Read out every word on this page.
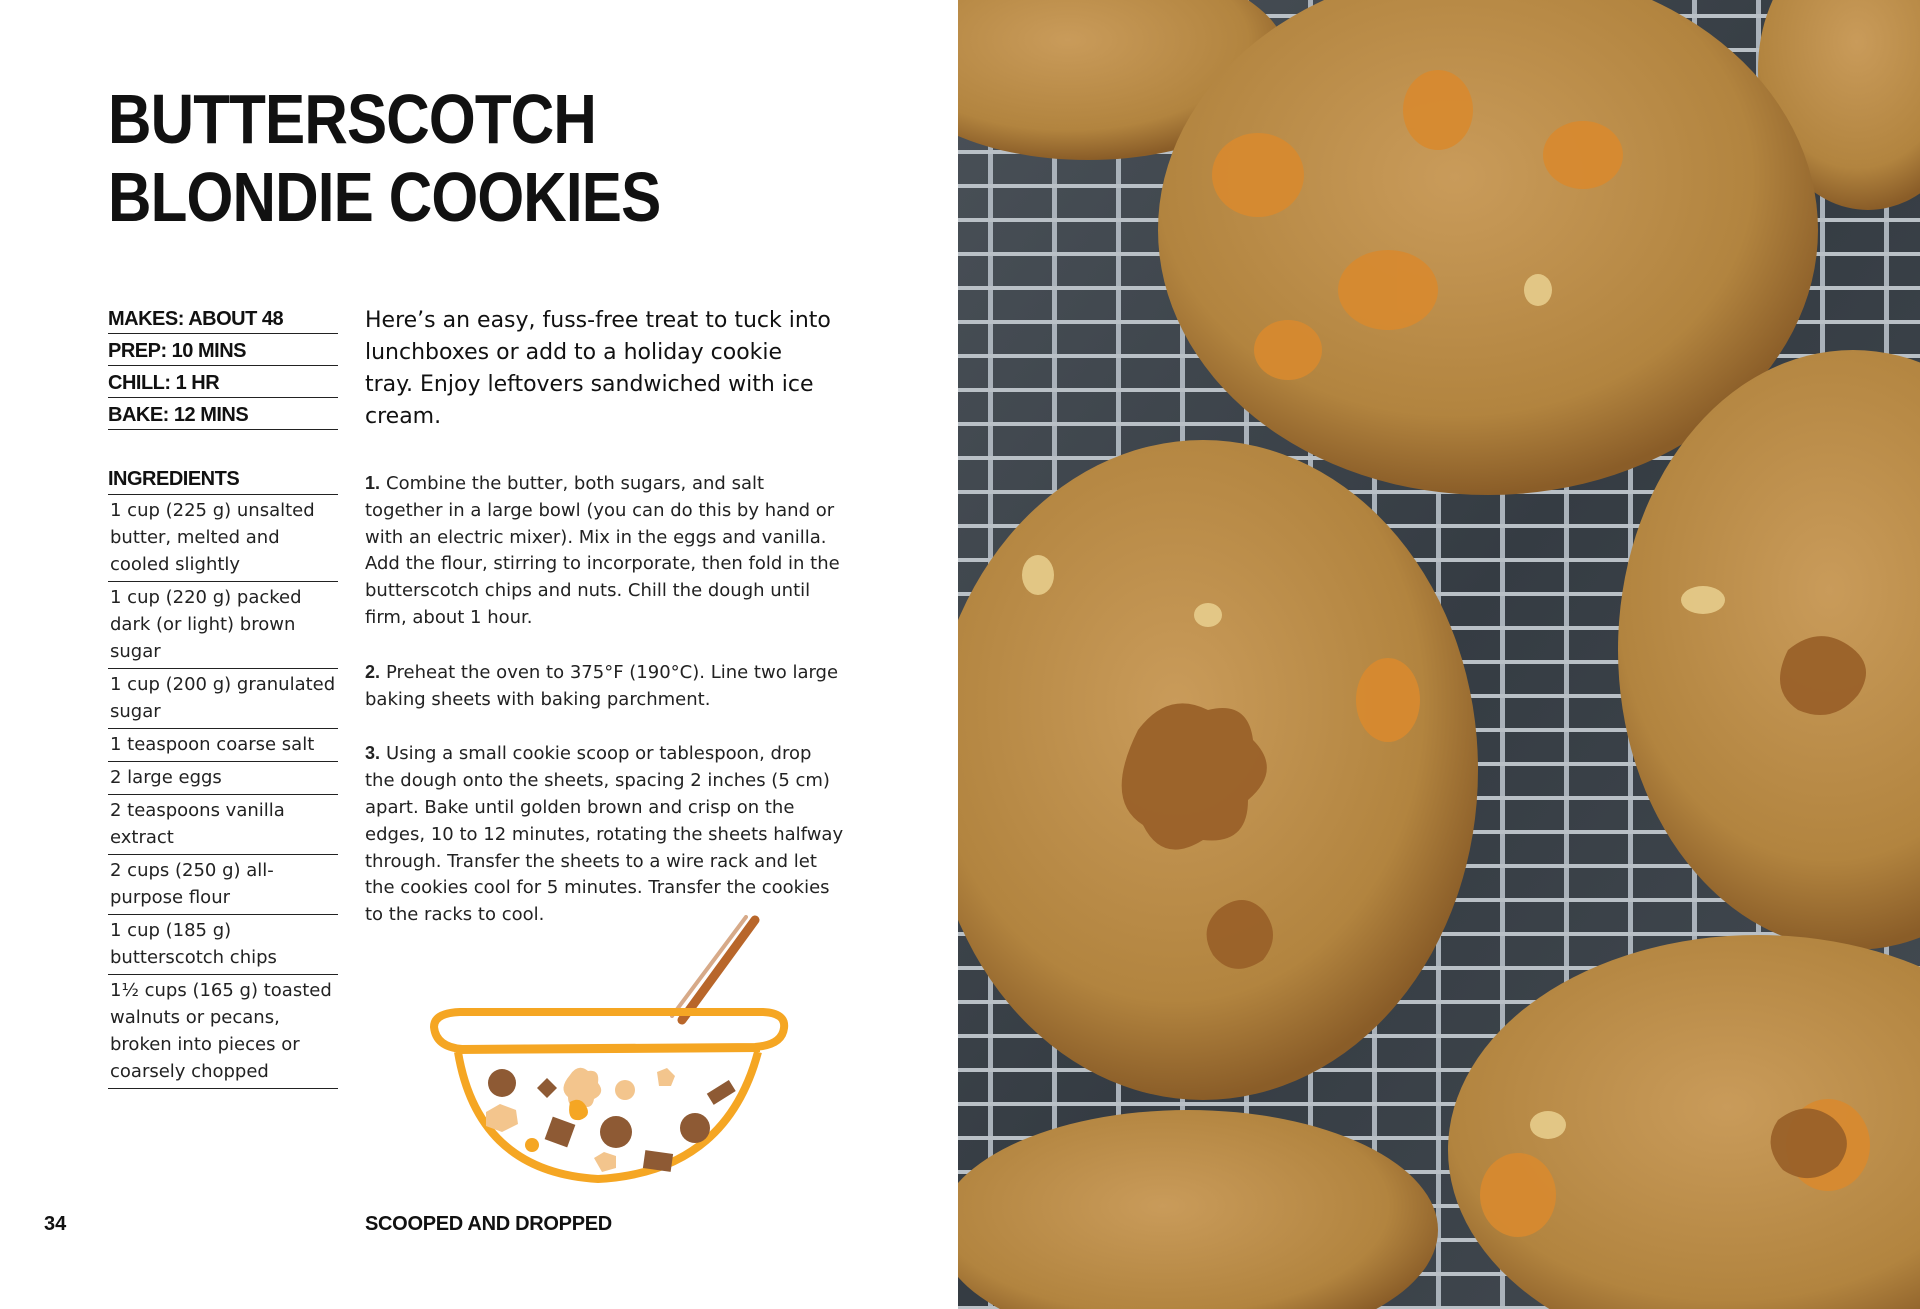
BUTTERSCOTCH
BLONDIE COOKIES
MAKES: ABOUT 48
PREP: 10 MINS
CHILL: 1 HR
BAKE: 12 MINS

Here’s an easy, fuss-free treat to tuck into lunchboxes or add to a holiday cookie tray. Enjoy leftovers sandwiched with ice cream.

INGREDIENTS
1 cup (225 g) unsalted butter, melted and cooled slightly
1 cup (220 g) packed dark (or light) brown sugar
1 cup (200 g) granulated sugar
1 teaspoon coarse salt
2 large eggs
2 teaspoons vanilla extract
2 cups (250 g) all-purpose flour
1 cup (185 g) butterscotch chips
1½ cups (165 g) toasted walnuts or pecans, broken into pieces or coarsely chopped

1. Combine the butter, both sugars, and salt together in a large bowl (you can do this by hand or with an electric mixer). Mix in the eggs and vanilla. Add the flour, stirring to incorporate, then fold in the butterscotch chips and nuts. Chill the dough until firm, about 1 hour.

2. Preheat the oven to 375°F (190°C). Line two large baking sheets with baking parchment.

3. Using a small cookie scoop or tablespoon, drop the dough onto the sheets, spacing 2 inches (5 cm) apart. Bake until golden brown and crisp on the edges, 10 to 12 minutes, rotating the sheets halfway through. Transfer the sheets to a wire rack and let the cookies cool for 5 minutes. Transfer the cookies to the racks to cool.

34	SCOOPED AND DROPPED
